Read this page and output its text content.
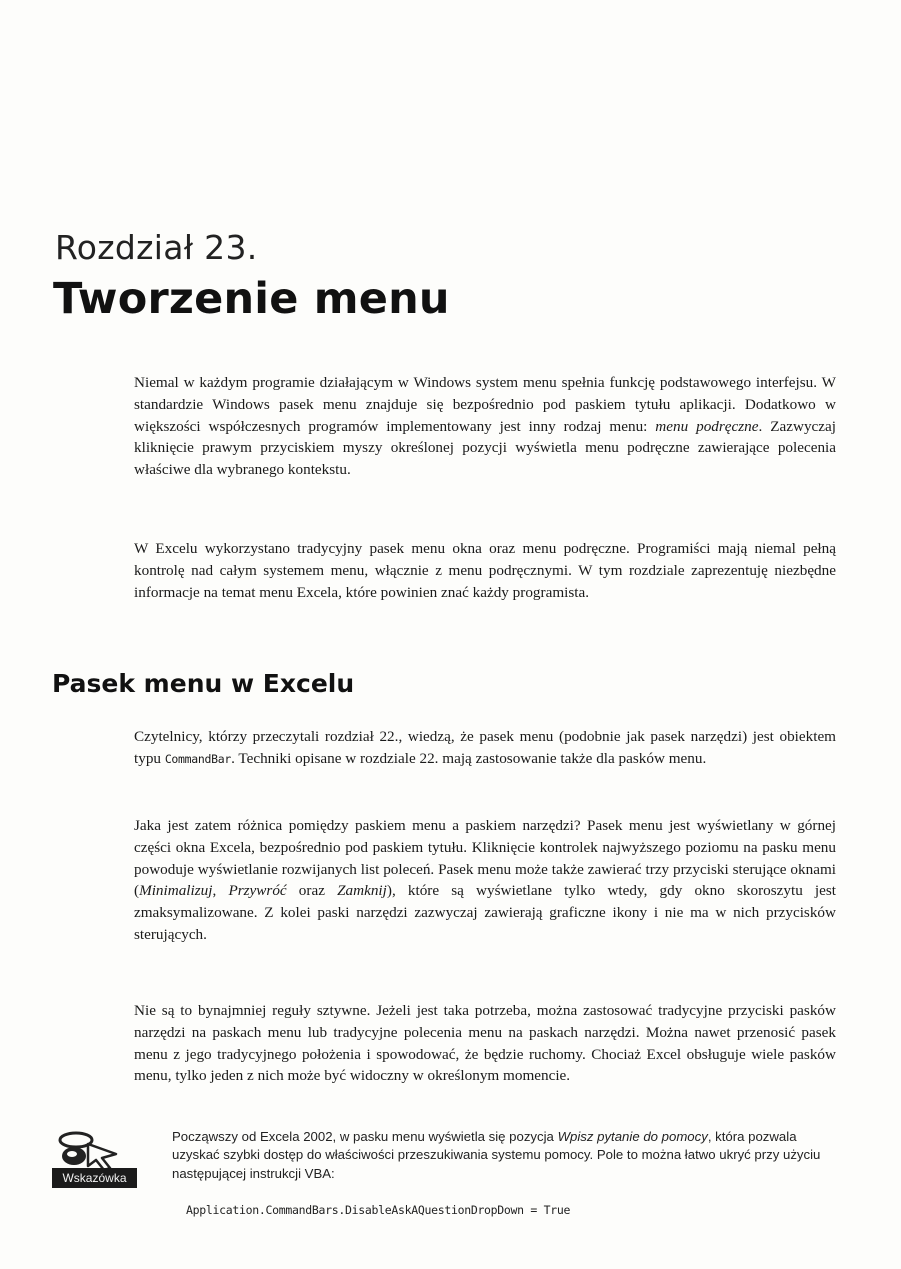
Rozdział 23.
Tworzenie menu

Niemal w każdym programie działającym w Windows system menu spełnia funkcję podstawowego interfejsu. W standardzie Windows pasek menu znajduje się bezpośrednio pod paskiem tytułu aplikacji. Dodatkowo w większości współczesnych programów implementowany jest inny rodzaj menu: menu podręczne. Zazwyczaj kliknięcie prawym przyciskiem myszy określonej pozycji wyświetla menu podręczne zawierające polecenia właściwe dla wybranego kontekstu.

W Excelu wykorzystano tradycyjny pasek menu okna oraz menu podręczne. Programiści mają niemal pełną kontrolę nad całym systemem menu, włącznie z menu podręcznymi. W tym rozdziale zaprezentuję niezbędne informacje na temat menu Excela, które powinien znać każdy programista.

Pasek menu w Excelu

Czytelnicy, którzy przeczytali rozdział 22., wiedzą, że pasek menu (podobnie jak pasek narzędzi) jest obiektem typu CommandBar. Techniki opisane w rozdziale 22. mają zastosowanie także dla pasków menu.

Jaka jest zatem różnica pomiędzy paskiem menu a paskiem narzędzi? Pasek menu jest wyświetlany w górnej części okna Excela, bezpośrednio pod paskiem tytułu. Kliknięcie kontrolek najwyższego poziomu na pasku menu powoduje wyświetlanie rozwijanych list poleceń. Pasek menu może także zawierać trzy przyciski sterujące oknami (Minimalizuj, Przywróć oraz Zamknij), które są wyświetlane tylko wtedy, gdy okno skoroszytu jest zmaksymalizowane. Z kolei paski narzędzi zazwyczaj zawierają graficzne ikony i nie ma w nich przycisków sterujących.

Nie są to bynajmniej reguły sztywne. Jeżeli jest taka potrzeba, można zastosować tradycyjne przyciski pasków narzędzi na paskach menu lub tradycyjne polecenia menu na paskach narzędzi. Można nawet przenosić pasek menu z jego tradycyjnego położenia i spowodować, że będzie ruchomy. Chociaż Excel obsługuje wiele pasków menu, tylko jeden z nich może być widoczny w określonym momencie.

Wskazówka

Począwszy od Excela 2002, w pasku menu wyświetla się pozycja Wpisz pytanie do pomocy, która pozwala uzyskać szybki dostęp do właściwości przeszukiwania systemu pomocy. Pole to można łatwo ukryć przy użyciu następującej instrukcji VBA:

Application.CommandBars.DisableAskAQuestionDropDown = True
